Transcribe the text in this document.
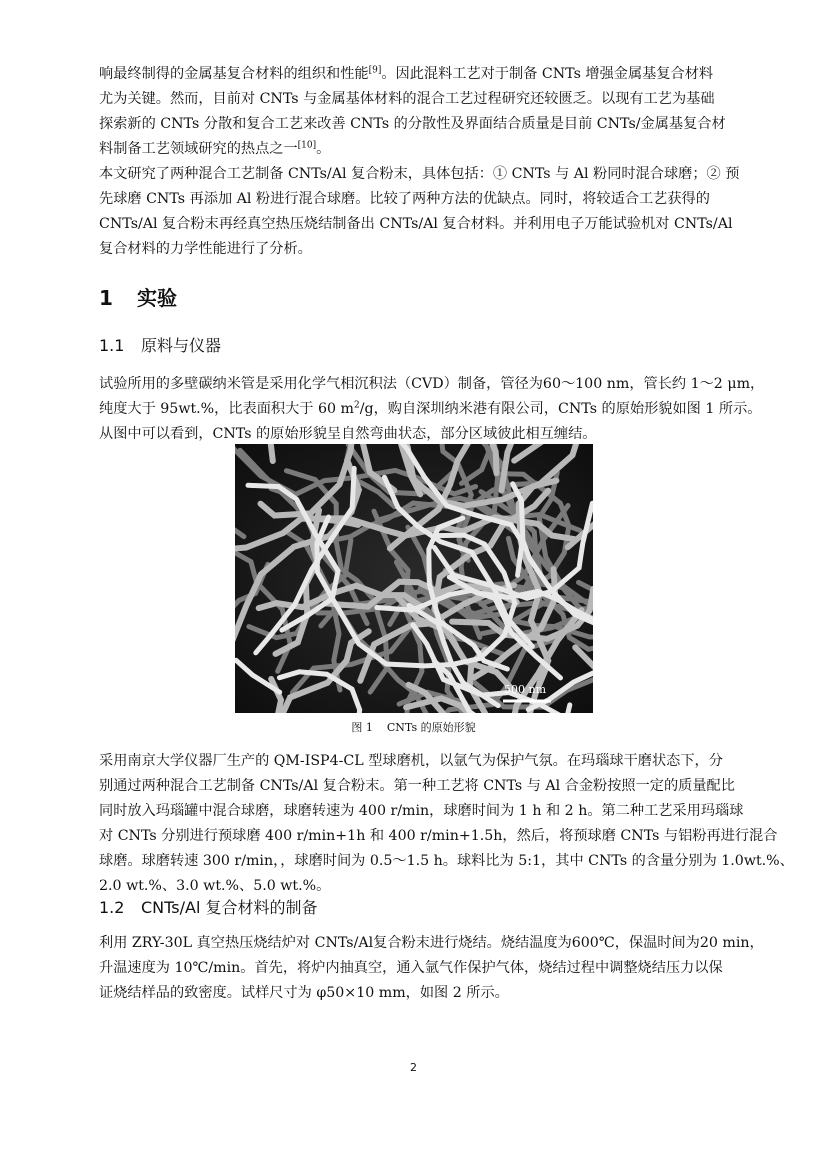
响最终制得的金属基复合材料的组织和性能[9]。因此混料工艺对于制备 CNTs 增强金属基复合材料
尤为关键。然而，目前对 CNTs 与金属基体材料的混合工艺过程研究还较匮乏。以现有工艺为基础
探索新的 CNTs 分散和复合工艺来改善 CNTs 的分散性及界面结合质量是目前 CNTs/金属基复合材
料制备工艺领域研究的热点之一[10]。
本文研究了两种混合工艺制备 CNTs/Al 复合粉末，具体包括：① CNTs 与 Al 粉同时混合球磨；② 预
先球磨 CNTs 再添加 Al 粉进行混合球磨。比较了两种方法的优缺点。同时，将较适合工艺获得的
CNTs/Al 复合粉末再经真空热压烧结制备出 CNTs/Al 复合材料。并利用电子万能试验机对 CNTs/Al
复合材料的力学性能进行了分析。
1 实验
1.1 原料与仪器
试验所用的多壁碳纳米管是采用化学气相沉积法（CVD）制备，管径为60～100 nm，管长约 1～2 μm，
纯度大于 95wt.%，比表面积大于 60 $m^2/g$，购自深圳纳米港有限公司，CNTs 的原始形貌如图 1 所示。
从图中可以看到，CNTs 的原始形貌呈自然弯曲状态，部分区域彼此相互缠结。
500 nm
图 1 CNTs 的原始形貌
采用南京大学仪器厂生产的 QM-ISP4-CL 型球磨机，以氩气为保护气氛。在玛瑙球干磨状态下，分
别通过两种混合工艺制备 CNTs/Al 复合粉末。第一种工艺将 CNTs 与 Al 合金粉按照一定的质量配比
同时放入玛瑙罐中混合球磨，球磨转速为 400 r/min，球磨时间为 1 h 和 2 h。第二种工艺采用玛瑙球
对 CNTs 分别进行预球磨 400 r/min+1h 和 400 r/min+1.5h，然后，将预球磨 CNTs 与铝粉再进行混合
球磨。球磨转速 300 r/min，，球磨时间为 0.5～1.5 h。球料比为 5:1，其中 CNTs 的含量分别为 1.0wt.%、
2.0 wt.%、3.0 wt.%、5.0 wt.%。
1.2 CNTs/Al 复合材料的制备
利用 ZRY-30L 真空热压烧结炉对 CNTs/Al复合粉末进行烧结。烧结温度为600℃，保温时间为20 min，
升温速度为 10℃/min。首先，将炉内抽真空，通入氩气作保护气体，烧结过程中调整烧结压力以保
证烧结样品的致密度。试样尺寸为 φ50×10 mm，如图 2 所示。
2
